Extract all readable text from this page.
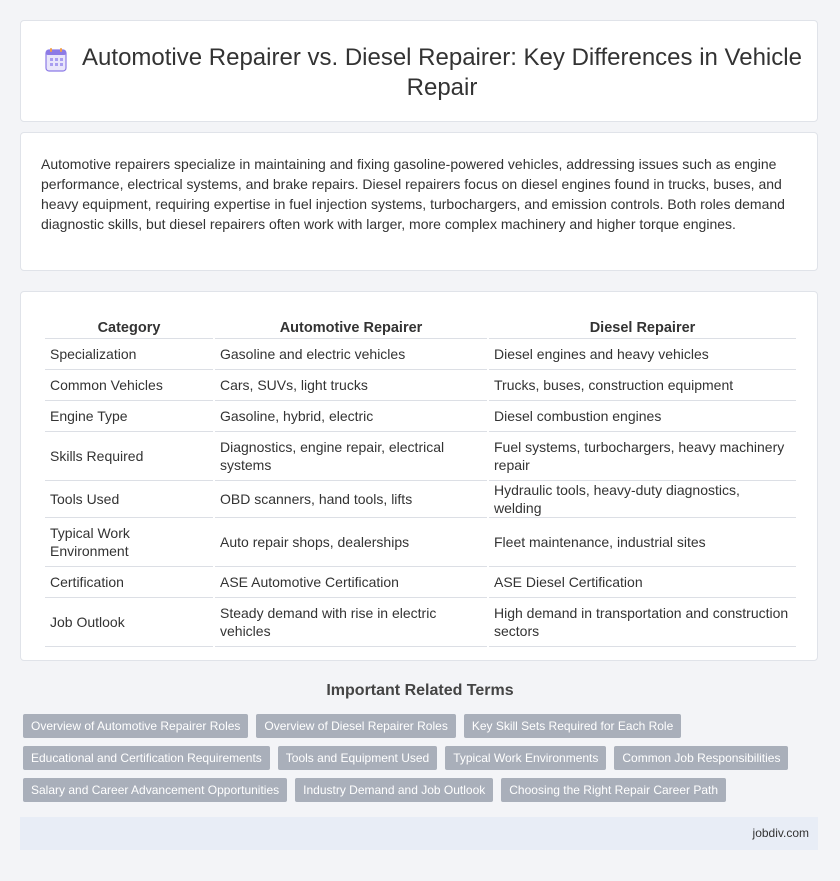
Automotive Repairer vs. Diesel Repairer: Key Differences in Vehicle Repair

Automotive repairers specialize in maintaining and fixing gasoline-powered vehicles, addressing issues such as engine performance, electrical systems, and brake repairs. Diesel repairers focus on diesel engines found in trucks, buses, and heavy equipment, requiring expertise in fuel injection systems, turbochargers, and emission controls. Both roles demand diagnostic skills, but diesel repairers often work with larger, more complex machinery and higher torque engines.

Category	Automotive Repairer	Diesel Repairer
Specialization	Gasoline and electric vehicles	Diesel engines and heavy vehicles
Common Vehicles	Cars, SUVs, light trucks	Trucks, buses, construction equipment
Engine Type	Gasoline, hybrid, electric	Diesel combustion engines
Skills Required	Diagnostics, engine repair, electrical systems	Fuel systems, turbochargers, heavy machinery repair
Tools Used	OBD scanners, hand tools, lifts	Hydraulic tools, heavy-duty diagnostics, welding
Typical Work Environment	Auto repair shops, dealerships	Fleet maintenance, industrial sites
Certification	ASE Automotive Certification	ASE Diesel Certification
Job Outlook	Steady demand with rise in electric vehicles	High demand in transportation and construction sectors
Important Related Terms
Overview of Automotive Repairer Roles	Overview of Diesel Repairer Roles	Key Skill Sets Required for Each Role
Educational and Certification Requirements	Tools and Equipment Used	Typical Work Environments	Common Job Responsibilities
Salary and Career Advancement Opportunities	Industry Demand and Job Outlook	Choosing the Right Repair Career Path
jobdiv.com
